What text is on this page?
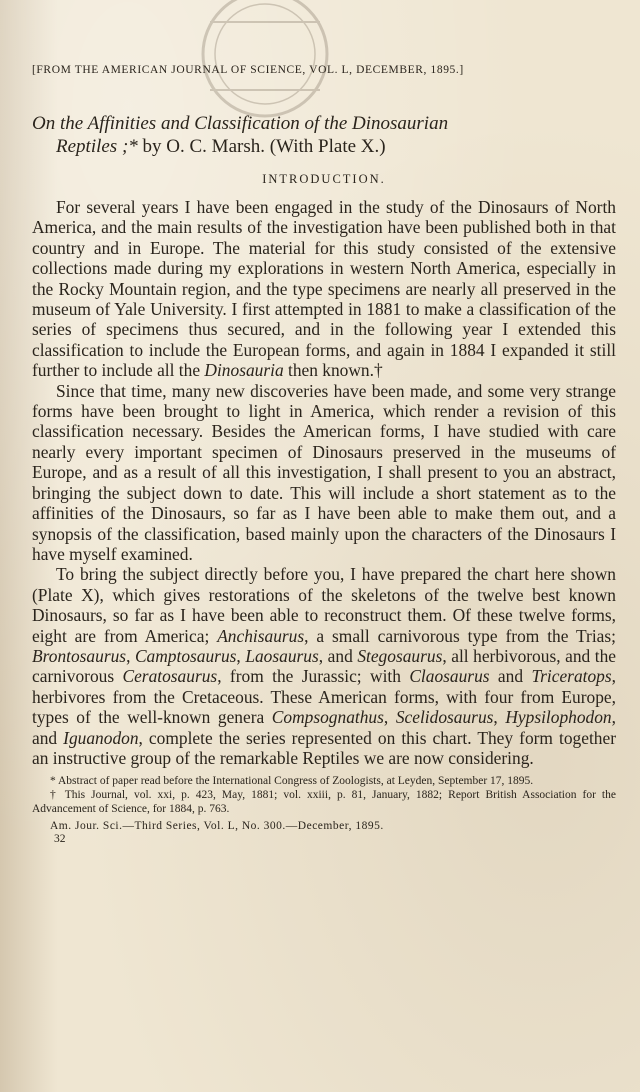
[FROM THE AMERICAN JOURNAL OF SCIENCE, VOL. L, DECEMBER, 1895.]
On the Affinities and Classification of the Dinosaurian
Reptiles ;* by O. C. Marsh. (With Plate X.)
INTRODUCTION.

For several years I have been engaged in the study of the Dinosaurs of North America, and the main results of the investigation have been published both in that country and in Europe. The material for this study consisted of the extensive collections made during my explorations in western North America, especially in the Rocky Mountain region, and the type specimens are nearly all preserved in the museum of Yale University. I first attempted in 1881 to make a classification of the series of specimens thus secured, and in the following year I extended this classification to include the European forms, and again in 1884 I expanded it still further to include all the Dinosauria then known.†

Since that time, many new discoveries have been made, and some very strange forms have been brought to light in America, which render a revision of this classification necessary. Besides the American forms, I have studied with care nearly every important specimen of Dinosaurs preserved in the museums of Europe, and as a result of all this investigation, I shall present to you an abstract, bringing the subject down to date. This will include a short statement as to the affinities of the Dinosaurs, so far as I have been able to make them out, and a synopsis of the classification, based mainly upon the characters of the Dinosaurs I have myself examined.

To bring the subject directly before you, I have prepared the chart here shown (Plate X), which gives restorations of the skeletons of the twelve best known Dinosaurs, so far as I have been able to reconstruct them. Of these twelve forms, eight are from America; Anchisaurus, a small carnivorous type from the Trias; Brontosaurus, Camptosaurus, Laosaurus, and Stegosaurus, all herbivorous, and the carnivorous Ceratosaurus, from the Jurassic; with Claosaurus and Triceratops, herbivores from the Cretaceous. These American forms, with four from Europe, types of the well-known genera Compsognathus, Scelidosaurus, Hypsilophodon, and Iguanodon, complete the series represented on this chart. They form together an instructive group of the remarkable Reptiles we are now considering.

* Abstract of paper read before the International Congress of Zoologists, at Leyden, September 17, 1895.

† This Journal, vol. xxi, p. 423, May, 1881; vol. xxiii, p. 81, January, 1882; Report British Association for the Advancement of Science, for 1884, p. 763.

Am. Jour. Sci.—Third Series, Vol. L, No. 300.—December, 1895.
32
